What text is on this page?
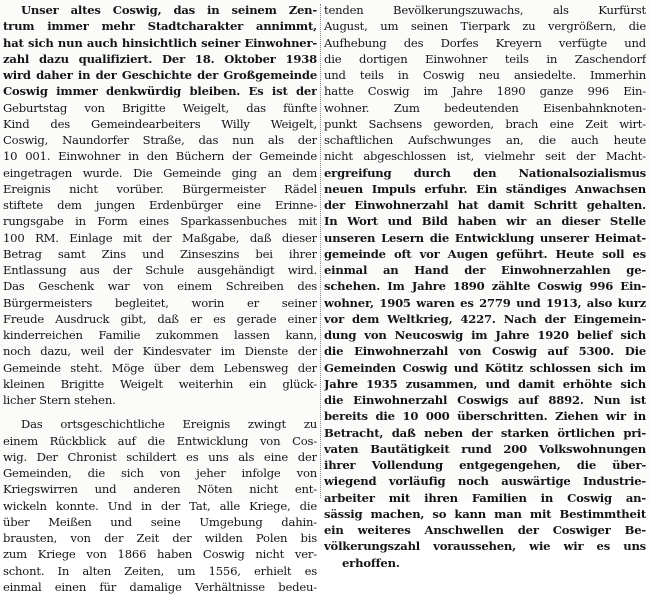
Unser altes Coswig, das in seinem Zen-
trum immer mehr Stadtcharakter annimmt,
hat sich nun auch hinsichtlich seiner Einwohner-
zahl dazu qualifiziert. Der 18. Oktober 1938
wird daher in der Geschichte der Großgemeinde
Coswig immer denkwürdig bleiben. Es ist der
Geburtstag von Brigitte Weigelt, das fünfte
Kind des Gemeindearbeiters Willy Weigelt,
Coswig, Naundorfer Straße, das nun als der
10 001. Einwohner in den Büchern der Gemeinde
eingetragen wurde. Die Gemeinde ging an dem
Ereignis nicht vorüber. Bürgermeister Rädel
stiftete dem jungen Erdenbürger eine Erinne-
rungsgabe in Form eines Sparkassenbuches mit
100 RM. Einlage mit der Maßgabe, daß dieser
Betrag samt Zins und Zinseszins bei ihrer
Entlassung aus der Schule ausgehändigt wird.
Das Geschenk war von einem Schreiben des
Bürgermeisters begleitet, worin er seiner
Freude Ausdruck gibt, daß er es gerade einer
kinderreichen Familie zukommen lassen kann,
noch dazu, weil der Kindesvater im Dienste der
Gemeinde steht. Möge über dem Lebensweg der
kleinen Brigitte Weigelt weiterhin ein glück-
licher Stern stehen.
Das ortsgeschichtliche Ereignis zwingt zu
einem Rückblick auf die Entwicklung von Cos-
wig. Der Chronist schildert es uns als eine der
Gemeinden, die sich von jeher infolge von
Kriegswirren und anderen Nöten nicht ent-
wickeln konnte. Und in der Tat, alle Kriege, die
über Meißen und seine Umgebung dahin-
brausten, von der Zeit der wilden Polen bis
zum Kriege von 1866 haben Coswig nicht ver-
schont. In alten Zeiten, um 1556, erhielt es
einmal einen für damalige Verhältnisse bedeu-
tenden Bevölkerungszuwachs, als Kurfürst
August, um seinen Tierpark zu vergrößern, die
Aufhebung des Dorfes Kreyern verfügte und
die dortigen Einwohner teils in Zaschendorf
und teils in Coswig neu ansiedelte. Immerhin
hatte Coswig im Jahre 1890 ganze 996 Ein-
wohner. Zum bedeutenden Eisenbahnknoten-
punkt Sachsens geworden, brach eine Zeit wirt-
schaftlichen Aufschwunges an, die auch heute
nicht abgeschlossen ist, vielmehr seit der Macht-
ergreifung durch den Nationalsozialismus
neuen Impuls erfuhr. Ein ständiges Anwachsen
der Einwohnerzahl hat damit Schritt gehalten.
In Wort und Bild haben wir an dieser Stelle
unseren Lesern die Entwicklung unserer Heimat-
gemeinde oft vor Augen geführt. Heute soll es
einmal an Hand der Einwohnerzahlen ge-
schehen. Im Jahre 1890 zählte Coswig 996 Ein-
wohner, 1905 waren es 2779 und 1913, also kurz
vor dem Weltkrieg, 4227. Nach der Eingemein-
dung von Neucoswig im Jahre 1920 belief sich
die Einwohnerzahl von Coswig auf 5300. Die
Gemeinden Coswig und Kötitz schlossen sich im
Jahre 1935 zusammen, und damit erhöhte sich
die Einwohnerzahl Coswigs auf 8892. Nun ist
bereits die 10 000 überschritten. Ziehen wir in
Betracht, daß neben der starken örtlichen pri-
vaten Bautätigkeit rund 200 Volkswohnungen
ihrer Vollendung entgegengehen, die über-
wiegend vorläufig noch auswärtige Industrie-
arbeiter mit ihren Familien in Coswig an-
sässig machen, so kann man mit Bestimmtheit
ein weiteres Anschwellen der Coswiger Be-
völkerungszahl voraussehen, wie wir es uns
erhoffen.
